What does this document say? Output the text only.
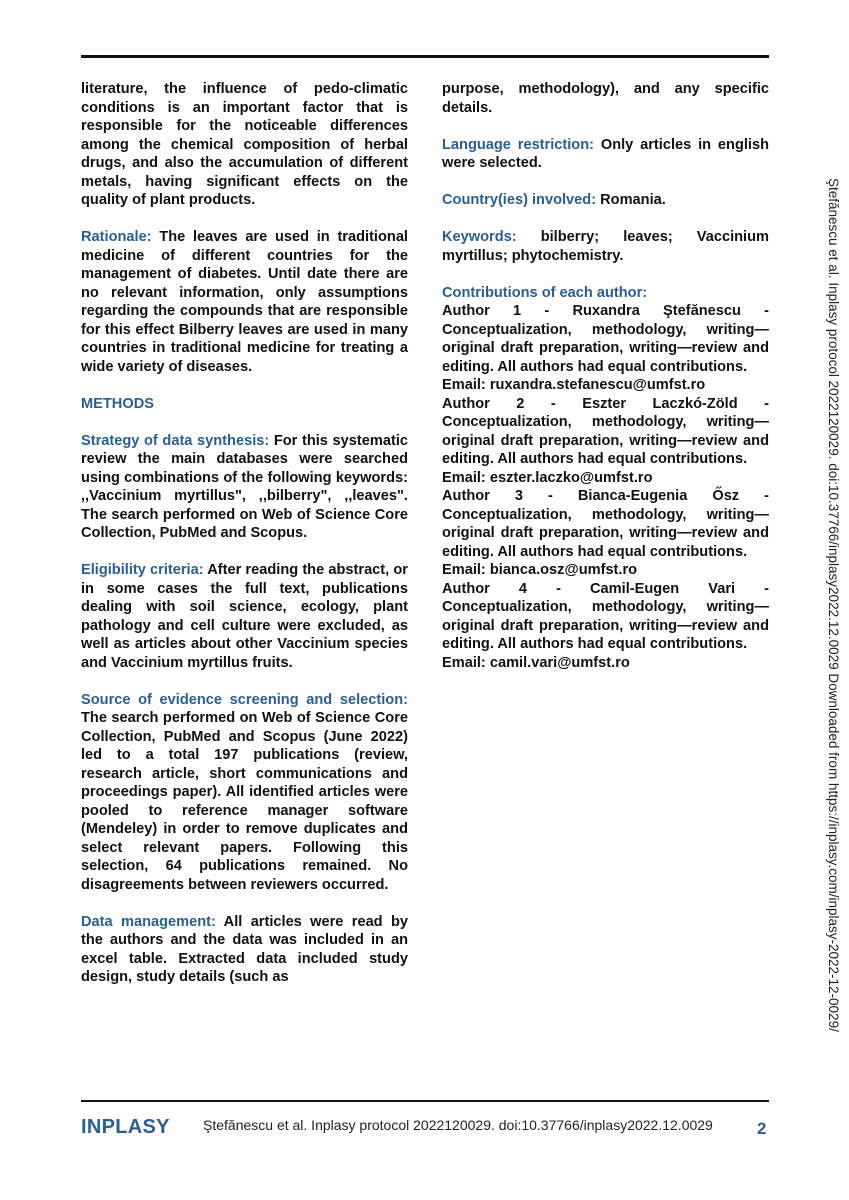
literature, the influence of pedo-climatic conditions is an important factor that is responsible for the noticeable differences among the chemical composition of herbal drugs, and also the accumulation of different metals, having significant effects on the quality of plant products.

Rationale: The leaves are used in traditional medicine of different countries for the management of diabetes. Until date there are no relevant information, only assumptions regarding the compounds that are responsible for this effect Bilberry leaves are used in many countries in traditional medicine for treating a wide variety of diseases.

METHODS

Strategy of data synthesis: For this systematic review the main databases were searched using combinations of the following keywords: ,,Vaccinium myrtillus", ,,bilberry", ,,leaves". The search performed on Web of Science Core Collection, PubMed and Scopus.

Eligibility criteria: After reading the abstract, or in some cases the full text, publications dealing with soil science, ecology, plant pathology and cell culture were excluded, as well as articles about other Vaccinium species and Vaccinium myrtillus fruits.

Source of evidence screening and selection: The search performed on Web of Science Core Collection, PubMed and Scopus (June 2022) led to a total 197 publications (review, research article, short communications and proceedings paper). All identified articles were pooled to reference manager software (Mendeley) in order to remove duplicates and select relevant papers. Following this selection, 64 publications remained. No disagreements between reviewers occurred.

Data management: All articles were read by the authors and the data was included in an excel table. Extracted data included study design, study details (such as

purpose, methodology), and any specific details.

Language restriction: Only articles in english were selected.

Country(ies) involved: Romania.

Keywords: bilberry; leaves; Vaccinium myrtillus; phytochemistry.

Contributions of each author:

Author 1 - Ruxandra Ştefănescu - Conceptualization, methodology, writing—original draft preparation, writing—review and editing. All authors had equal contributions.

Email: ruxandra.stefanescu@umfst.ro

Author 2 - Eszter Laczkó-Zöld - Conceptualization, methodology, writing—original draft preparation, writing—review and editing. All authors had equal contributions.

Email: eszter.laczko@umfst.ro

Author 3 - Bianca-Eugenia Ősz - Conceptualization, methodology, writing—original draft preparation, writing—review and editing. All authors had equal contributions.

Email: bianca.osz@umfst.ro

Author 4 - Camil-Eugen Vari - Conceptualization, methodology, writing—original draft preparation, writing—review and editing. All authors had equal contributions.

Email: camil.vari@umfst.ro

INPLASY Ştefănescu et al. Inplasy protocol 2022120029. doi:10.37766/inplasy2022.12.0029	2
Ştefănescu et al. Inplasy protocol 2022120029. doi:10.37766/inplasy2022.12.0029 Downloaded from https://inplasy.com/inplasy-2022-12-0029/
